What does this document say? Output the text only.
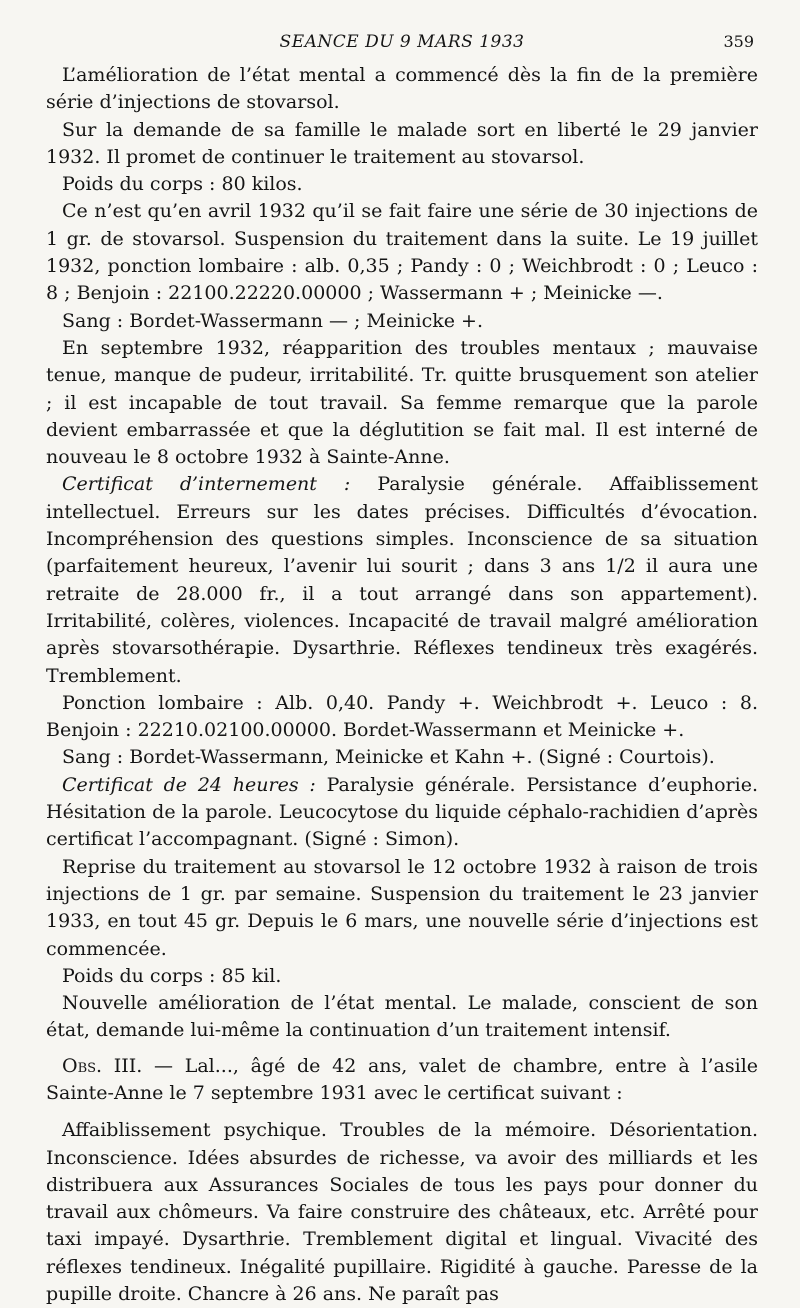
SEANCE DU 9 MARS 1933	359

L’amélioration de l’état mental a commencé dès la fin de la première série d’injections de stovarsol.

Sur la demande de sa famille le malade sort en liberté le 29 janvier 1932. Il promet de continuer le traitement au stovarsol.

Poids du corps : 80 kilos.

Ce n’est qu’en avril 1932 qu’il se fait faire une série de 30 injections de 1 gr. de stovarsol. Suspension du traitement dans la suite. Le 19 juillet 1932, ponction lombaire : alb. 0,35 ; Pandy : 0 ; Weichbrodt : 0 ; Leuco : 8 ; Benjoin : 22100.22220.00000 ; Wassermann + ; Meinicke —.

Sang : Bordet-Wassermann — ; Meinicke +.

En septembre 1932, réapparition des troubles mentaux ; mauvaise tenue, manque de pudeur, irritabilité. Tr. quitte brusquement son atelier ; il est incapable de tout travail. Sa femme remarque que la parole devient embarrassée et que la déglutition se fait mal. Il est interné de nouveau le 8 octobre 1932 à Sainte-Anne.

Certificat d’internement : Paralysie générale. Affaiblissement intellectuel. Erreurs sur les dates précises. Difficultés d’évocation. Incompréhension des questions simples. Inconscience de sa situation (parfaitement heureux, l’avenir lui sourit ; dans 3 ans 1/2 il aura une retraite de 28.000 fr., il a tout arrangé dans son appartement). Irritabilité, colères, violences. Incapacité de travail malgré amélioration après stovarsothérapie. Dysarthrie. Réflexes tendineux très exagérés. Tremblement.

Ponction lombaire : Alb. 0,40. Pandy +. Weichbrodt +. Leuco : 8. Benjoin : 22210.02100.00000. Bordet-Wassermann et Meinicke +.

Sang : Bordet-Wassermann, Meinicke et Kahn +. (Signé : Courtois).

Certificat de 24 heures : Paralysie générale. Persistance d’euphorie. Hésitation de la parole. Leucocytose du liquide céphalo-rachidien d’après certificat l’accompagnant. (Signé : Simon).

Reprise du traitement au stovarsol le 12 octobre 1932 à raison de trois injections de 1 gr. par semaine. Suspension du traitement le 23 janvier 1933, en tout 45 gr. Depuis le 6 mars, une nouvelle série d’injections est commencée.

Poids du corps : 85 kil.

Nouvelle amélioration de l’état mental. Le malade, conscient de son état, demande lui-même la continuation d’un traitement intensif.

Obs. III. — Lal..., âgé de 42 ans, valet de chambre, entre à l’asile Sainte-Anne le 7 septembre 1931 avec le certificat suivant :

Affaiblissement psychique. Troubles de la mémoire. Désorientation. Inconscience. Idées absurdes de richesse, va avoir des milliards et les distribuera aux Assurances Sociales de tous les pays pour donner du travail aux chômeurs. Va faire construire des châteaux, etc. Arrêté pour taxi impayé. Dysarthrie. Tremblement digital et lingual. Vivacité des réflexes tendineux. Inégalité pupillaire. Rigidité à gauche. Paresse de la pupille droite. Chancre à 26 ans. Ne paraît pas
